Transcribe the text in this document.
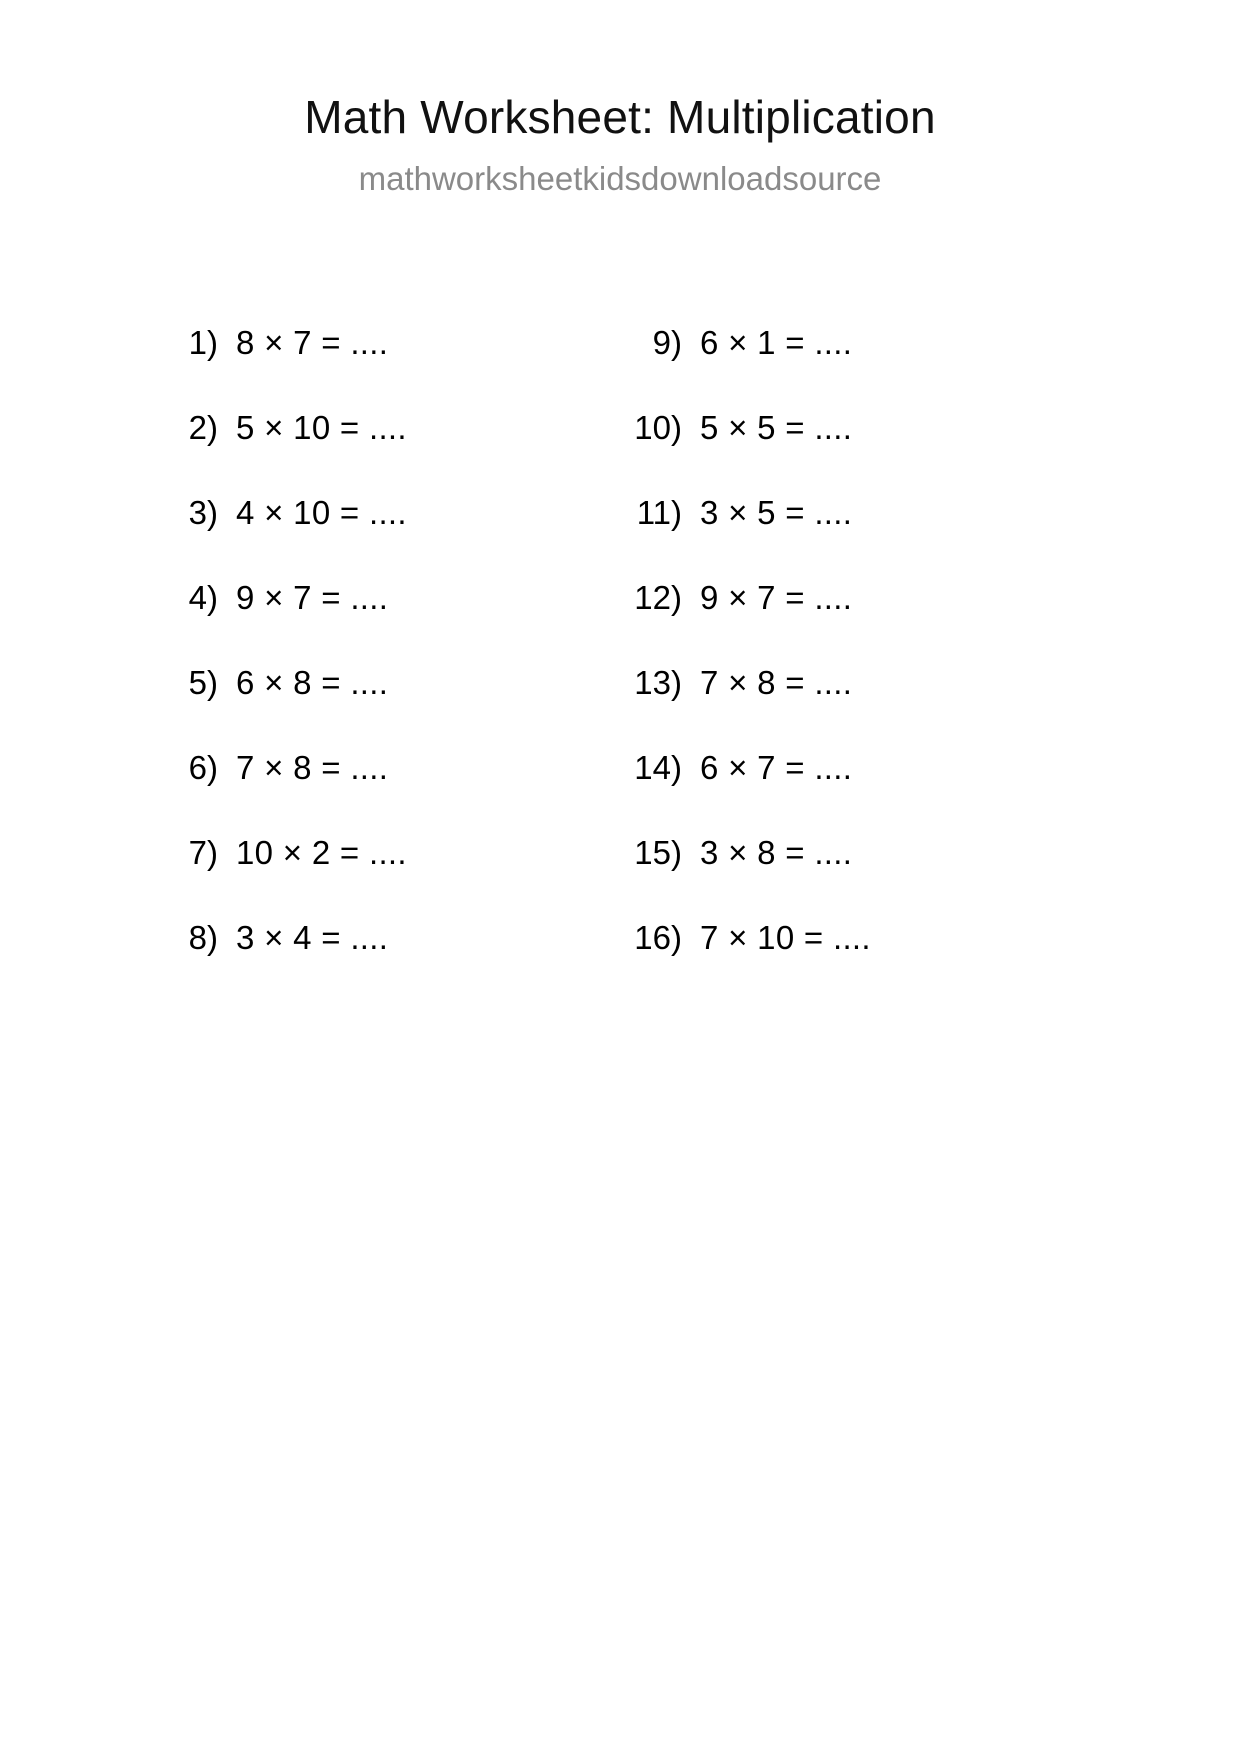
Math Worksheet: Multiplication
mathworksheetkidsdownloadsource
1) 8 × 7 = ....
2) 5 × 10 = ....
3) 4 × 10 = ....
4) 9 × 7 = ....
5) 6 × 8 = ....
6) 7 × 8 = ....
7) 10 × 2 = ....
8) 3 × 4 = ....
9) 6 × 1 = ....
10) 5 × 5 = ....
11) 3 × 5 = ....
12) 9 × 7 = ....
13) 7 × 8 = ....
14) 6 × 7 = ....
15) 3 × 8 = ....
16) 7 × 10 = ....
